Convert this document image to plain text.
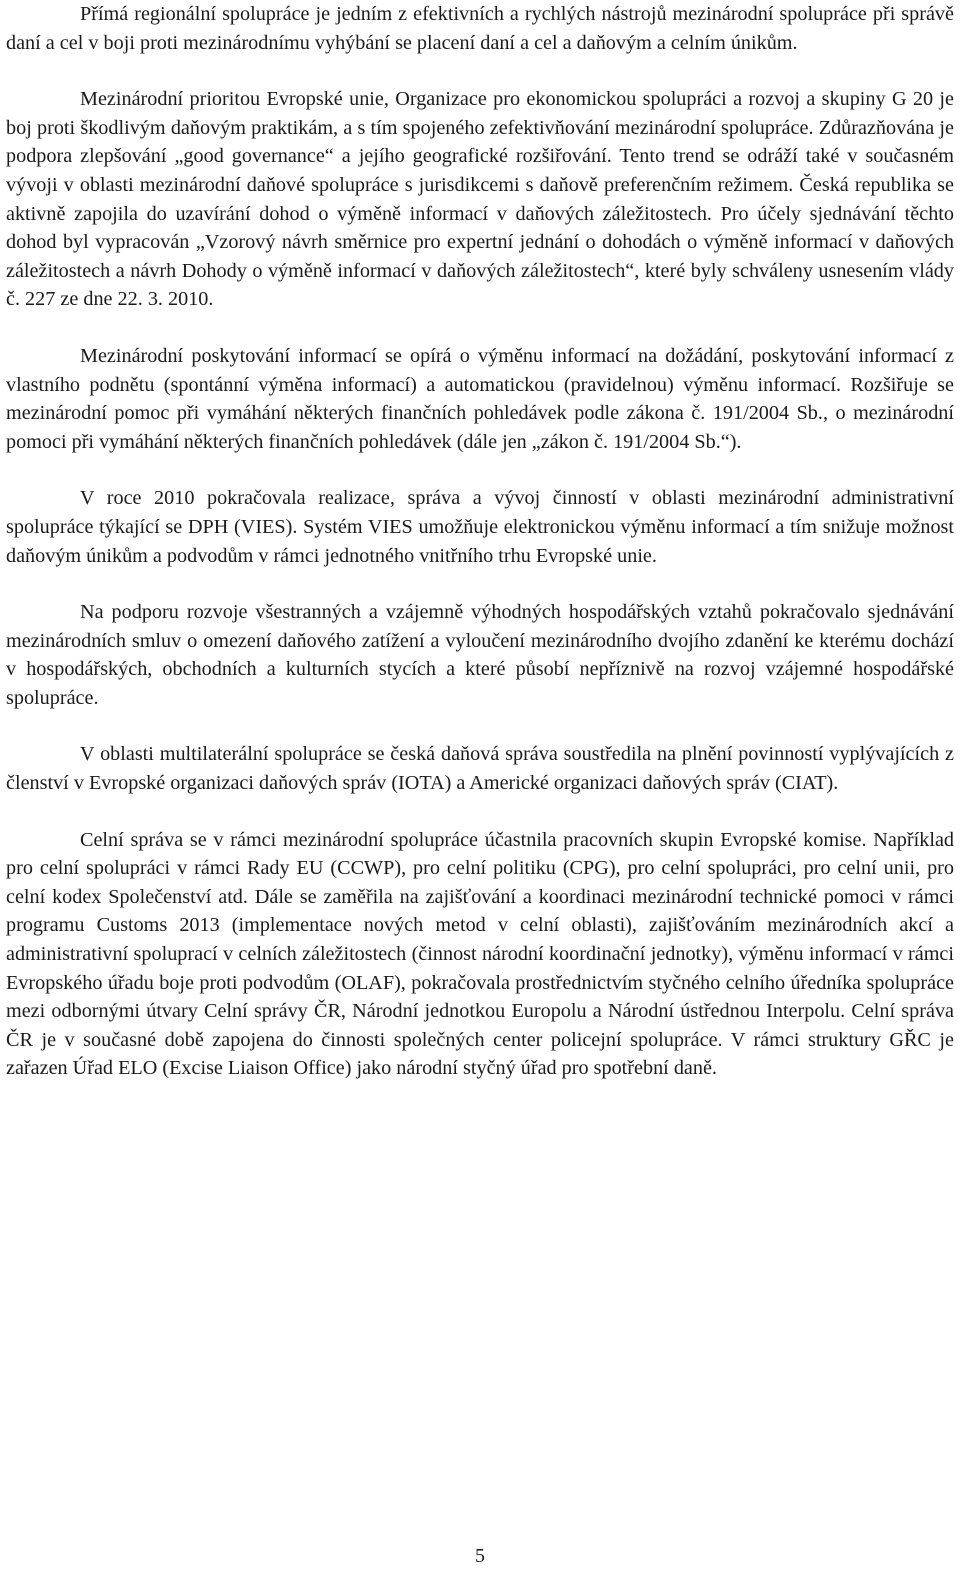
Přímá regionální spolupráce je jedním z efektivních a rychlých nástrojů mezinárodní spolupráce při správě daní a cel v boji proti mezinárodnímu vyhýbání se placení daní a cel a daňovým a celním únikům.

Mezinárodní prioritou Evropské unie, Organizace pro ekonomickou spolupráci a rozvoj a skupiny G 20 je boj proti škodlivým daňovým praktikám, a s tím spojeného zefektivňování mezinárodní spolupráce. Zdůrazňována je podpora zlepšování „good governance“ a jejího geografické rozšiřování. Tento trend se odráží také v současném vývoji v oblasti mezinárodní daňové spolupráce s jurisdikcemi s daňově preferenčním režimem. Česká republika se aktivně zapojila do uzavírání dohod o výměně informací v daňových záležitostech. Pro účely sjednávání těchto dohod byl vypracován „Vzorový návrh směrnice pro expertní jednání o dohodách o výměně informací v daňových záležitostech a návrh Dohody o výměně informací v daňových záležitostech“, které byly schváleny usnesením vlády č. 227 ze dne 22. 3. 2010.

Mezinárodní poskytování informací se opírá o výměnu informací na dožádání, poskytování informací z vlastního podnětu (spontánní výměna informací) a automatickou (pravidelnou) výměnu informací. Rozšiřuje se mezinárodní pomoc při vymáhání některých finančních pohledávek podle zákona č. 191/2004 Sb., o mezinárodní pomoci při vymáhání některých finančních pohledávek (dále jen „zákon č. 191/2004 Sb.“).

V roce 2010 pokračovala realizace, správa a vývoj činností v oblasti mezinárodní administrativní spolupráce týkající se DPH (VIES). Systém VIES umožňuje elektronickou výměnu informací a tím snižuje možnost daňovým únikům a podvodům v rámci jednotného vnitřního trhu Evropské unie.

Na podporu rozvoje všestranných a vzájemně výhodných hospodářských vztahů pokračovalo sjednávání mezinárodních smluv o omezení daňového zatížení a vyloučení mezinárodního dvojího zdanění ke kterému dochází v hospodářských, obchodních a kulturních stycích a které působí nepříznivě na rozvoj vzájemné hospodářské spolupráce.

V oblasti multilaterální spolupráce se česká daňová správa soustředila na plnění povinností vyplývajících z členství v Evropské organizaci daňových správ (IOTA) a Americké organizaci daňových správ (CIAT).

Celní správa se v rámci mezinárodní spolupráce účastnila pracovních skupin Evropské komise. Například pro celní spolupráci v rámci Rady EU (CCWP), pro celní politiku (CPG), pro celní spolupráci, pro celní unii, pro celní kodex Společenství atd. Dále se zaměřila na zajišťování a koordinaci mezinárodní technické pomoci v rámci programu Customs 2013 (implementace nových metod v celní oblasti), zajišťováním mezinárodních akcí a administrativní spoluprací v celních záležitostech (činnost národní koordinační jednotky), výměnu informací v rámci Evropského úřadu boje proti podvodům (OLAF), pokračovala prostřednictvím styčného celního úředníka spolupráce mezi odbornými útvary Celní správy ČR, Národní jednotkou Europolu a Národní ústřednou Interpolu. Celní správa ČR je v současné době zapojena do činnosti společných center policejní spolupráce. V rámci struktury GŘC je zařazen Úřad ELO (Excise Liaison Office) jako národní styčný úřad pro spotřební daně.

5
